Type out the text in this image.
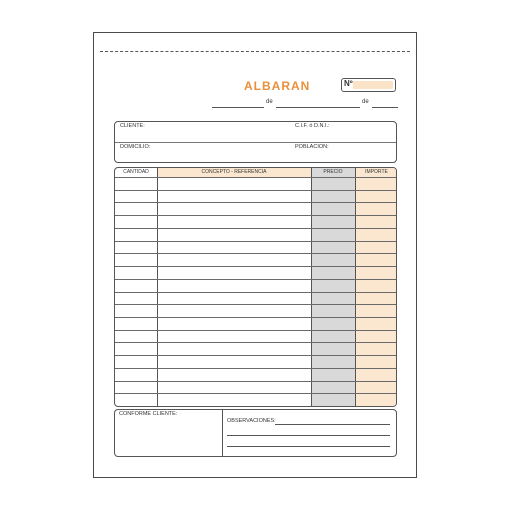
ALBARAN	Nº
de	de
CLIENTE:	C.I.F. ó D.N.I.:
DOMICILIO:	POBLACION:
CANTIDAD	CONCEPTO - REFERENCIA	PRECIO	IMPORTE
CONFORME CLIENTE:
OBSERVACIONES:
